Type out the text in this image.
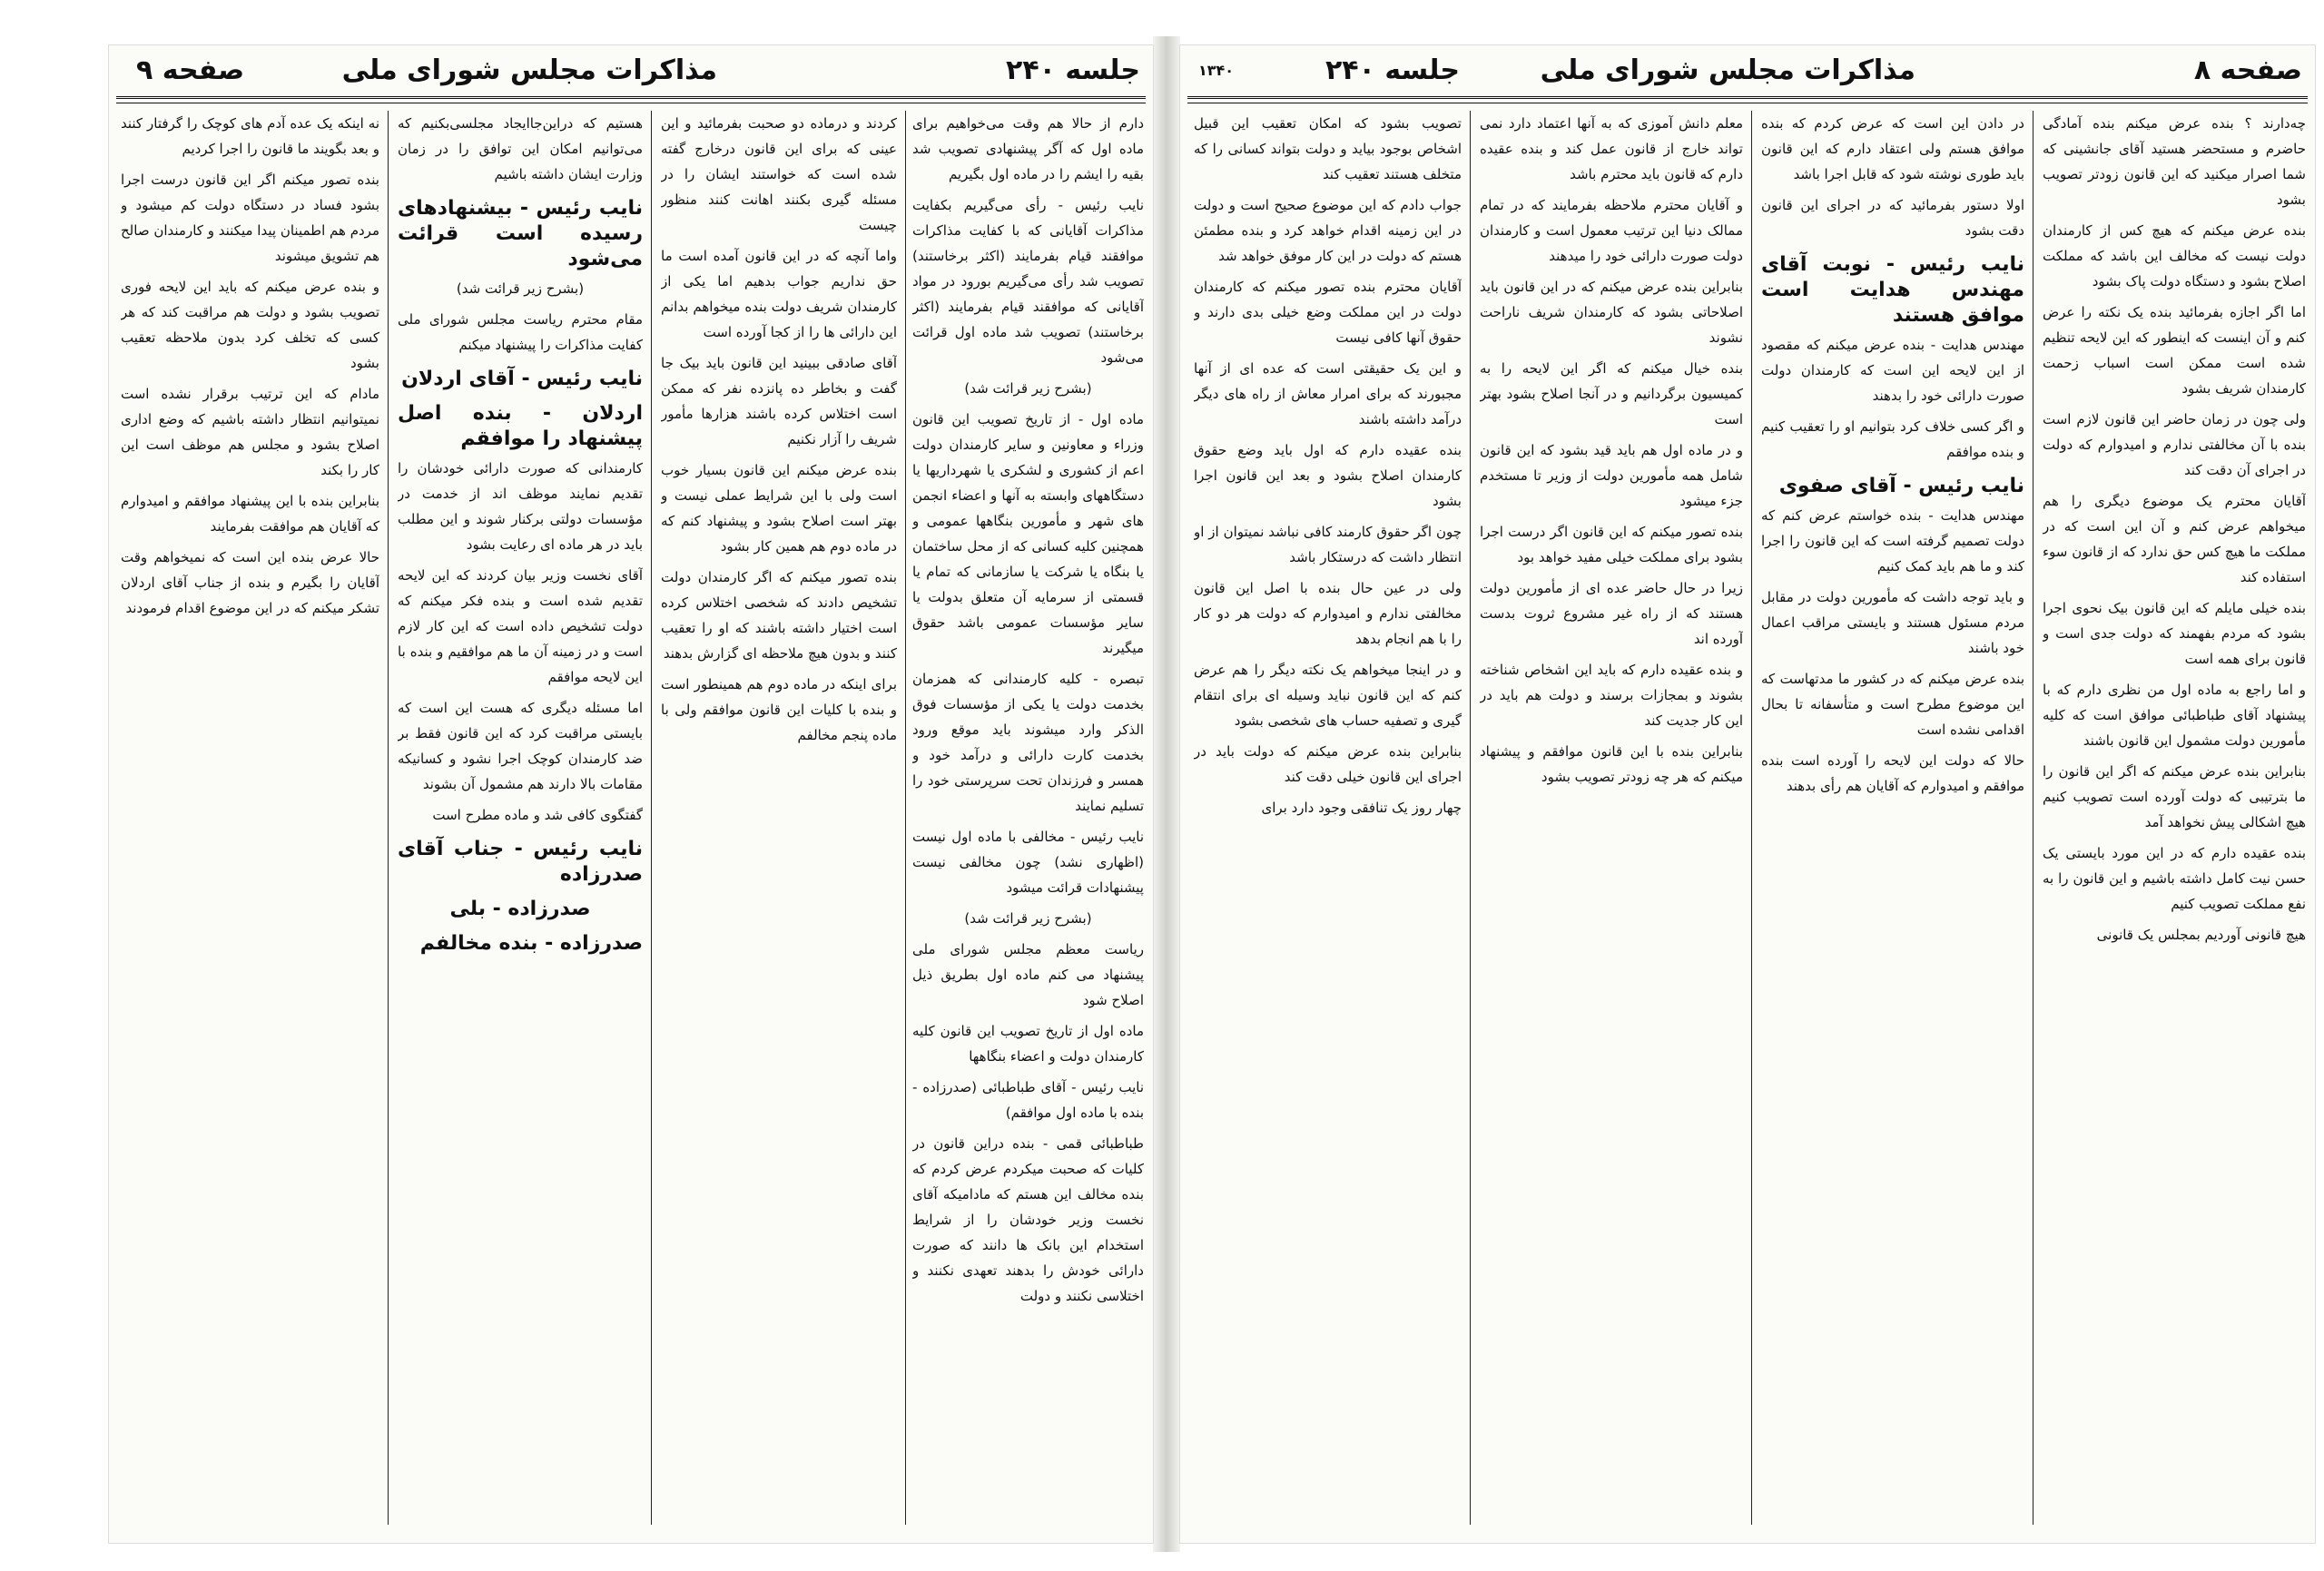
جلسه ۲۴۰
مذاکرات مجلس شورای ملی
صفحه ۹

دارم از حالا هم وقت می‌خواهیم برای ماده اول که آگر پیشنهادی تصویب شد بقیه را ایشم را در ماده اول بگیریم

نایب رئیس - رأی می‌گیریم بکفایت مذاکرات آقایانی که با کفایت مذاکرات موافقند قیام بفرمایند (اکثر برخاستند) تصویب شد رأی می‌گیریم بورود در مواد آقایانی که موافقند قیام بفرمایند (اکثر برخاستند) تصویب شد ماده اول قرائت می‌شود

(بشرح زیر قرائت شد)

ماده اول - از تاریخ تصویب این قانون وزراء و معاونین و سایر کارمندان دولت اعم از کشوری و لشکری یا شهرداریها یا دستگاههای وابسته به آنها و اعضاء انجمن های شهر و مأمورین بنگاهها عمومی و همچنین کلیه کسانی که از محل ساختمان یا بنگاه یا شرکت یا سازمانی که تمام یا قسمتی از سرمایه آن متعلق بدولت یا سایر مؤسسات عمومی باشد حقوق میگیرند

تبصره - کلیه کارمندانی که همزمان بخدمت دولت یا یکی از مؤسسات فوق الذکر وارد میشوند باید موقع ورود بخدمت کارت دارائی و درآمد خود و همسر و فرزندان تحت سرپرستی خود را تسلیم نمایند

نایب رئیس - مخالفی با ماده اول نیست (اظهاری نشد) چون مخالفی نیست پیشنهادات قرائت میشود

(بشرح زیر قرائت شد)

ریاست معظم مجلس شورای ملی پیشنهاد می کنم ماده اول بطریق ذیل اصلاح شود

ماده اول از تاریخ تصویب این قانون کلیه کارمندان دولت و اعضاء بنگاهها

نایب رئیس - آقای طباطبائی (صدرزاده - بنده با ماده اول موافقم)

طباطبائی قمی - بنده دراین قانون در کلیات که صحبت میکردم عرض کردم که بنده مخالف این هستم که مادامیکه آقای نخست وزیر خودشان را از شرایط استخدام این بانک ها دانند که صورت دارائی خودش را بدهند تعهدی نکنند و اختلاسی نکنند و دولت

کردند و درماده دو صحبت بفرمائید و این عینی که برای این قانون درخارج گفته شده است که خواستند ایشان را در مسئله گیری بکنند اهانت کنند منظور چیست

واما آنچه که در این قانون آمده است ما حق نداریم جواب بدهیم اما یکی از کارمندان شریف دولت بنده میخواهم بدانم این دارائی ها را از کجا آورده است

آقای صادقی ببینید این قانون باید بیک جا گفت و بخاطر ده پانزده نفر که ممکن است اختلاس کرده باشند هزارها مأمور شریف را آزار نکنیم

بنده عرض میکنم این قانون بسیار خوب است ولی با این شرایط عملی نیست و بهتر است اصلاح بشود و پیشنهاد کنم که در ماده دوم هم همین کار بشود

بنده تصور میکنم که اگر کارمندان دولت تشخیص دادند که شخصی اختلاس کرده است اختیار داشته باشند که او را تعقیب کنند و بدون هیچ ملاحظه ای گزارش بدهند

برای اینکه در ماده دوم هم همینطور است و بنده با کلیات این قانون موافقم ولی با ماده پنجم مخالفم

هستیم که دراین‌جا‌ایجاد مجلسی‌بکنیم که می‌توانیم امکان این توافق را در زمان وزارت ایشان داشته باشیم

نایب رئیس - بیشنهادهای رسیده است قرائت می‌شود

(بشرح زیر قرائت شد)

مقام محترم ریاست مجلس شورای ملی کفایت مذاکرات را پیشنهاد میکنم

نایب رئیس - آقای اردلان
اردلان - بنده اصل پیشنهاد را موافقم

کارمندانی که صورت دارائی خودشان را تقدیم نمایند موظف اند از خدمت در مؤسسات دولتی برکنار شوند و این مطلب باید در هر ماده ای رعایت بشود

آقای نخست وزیر بیان کردند که این لایحه تقدیم شده است و بنده فکر میکنم که دولت تشخیص داده است که این کار لازم است و در زمینه آن ما هم موافقیم و بنده با این لایحه موافقم

اما مسئله دیگری که هست این است که بایستی مراقبت کرد که این قانون فقط بر ضد کارمندان کوچک اجرا نشود و کسانیکه مقامات بالا دارند هم مشمول آن بشوند

گفتگوی کافی شد و ماده مطرح است

نایب رئیس - جناب آقای صدرزاده
صدرزاده - بلی
صدرزاده - بنده مخالفم

نه اینکه یک عده آدم های کوچک را گرفتار کنند و بعد بگویند ما قانون را اجرا کردیم

بنده تصور میکنم اگر این قانون درست اجرا بشود فساد در دستگاه دولت کم میشود و مردم هم اطمینان پیدا میکنند و کارمندان صالح هم تشویق میشوند

و بنده عرض میکنم که باید این لایحه فوری تصویب بشود و دولت هم مراقبت کند که هر کسی که تخلف کرد بدون ملاحظه تعقیب بشود

مادام که این ترتیب برقرار نشده است نمیتوانیم انتظار داشته باشیم که وضع اداری اصلاح بشود و مجلس هم موظف است این کار را بکند

بنابراین بنده با این پیشنهاد موافقم و امیدوارم که آقایان هم موافقت بفرمایند

حالا عرض بنده این است که نمیخواهم وقت آقایان را بگیرم و بنده از جناب آقای اردلان تشکر میکنم که در این موضوع اقدام فرمودند

صفحه ۸
مذاکرات مجلس شورای ملی
جلسه ۲۴۰
۱۳۴۰

چه‌دارند ؟ بنده عرض میکنم بنده آمادگی حاضرم و مستحضر هستید آقای جانشینی که شما اصرار میکنید که این قانون زودتر تصویب بشود

بنده عرض میکنم که هیچ کس از کارمندان دولت نیست که مخالف این باشد که مملکت اصلاح بشود و دستگاه دولت پاک بشود

اما اگر اجازه بفرمائید بنده یک نکته را عرض کنم و آن اینست که اینطور که این لایحه تنظیم شده است ممکن است اسباب زحمت کارمندان شریف بشود

ولی چون در زمان حاضر این قانون لازم است بنده با آن مخالفتی ندارم و امیدوارم که دولت در اجرای آن دقت کند

آقایان محترم یک موضوع دیگری را هم میخواهم عرض کنم و آن این است که در مملکت ما هیچ کس حق ندارد که از قانون سوء استفاده کند

بنده خیلی مایلم که این قانون بیک نحوی اجرا بشود که مردم بفهمند که دولت جدی است و قانون برای همه است

و اما راجع به ماده اول من نظری دارم که با پیشنهاد آقای طباطبائی موافق است که کلیه مأمورین دولت مشمول این قانون باشند

بنابراین بنده عرض میکنم که اگر این قانون را ما بترتیبی که دولت آورده است تصویب کنیم هیچ اشکالی پیش نخواهد آمد

بنده عقیده دارم که در این مورد بایستی یک حسن نیت کامل داشته باشیم و این قانون را به نفع مملکت تصویب کنیم

هیچ قانونی آوردیم بمجلس یک قانونی

در دادن این است که عرض کردم که بنده موافق هستم ولی اعتقاد دارم که این قانون باید طوری نوشته شود که قابل اجرا باشد

اولا دستور بفرمائید که در اجرای این قانون دقت بشود

نایب رئیس - نوبت آقای مهندس هدایت است موافق هستند

مهندس هدایت - بنده عرض میکنم که مقصود از این لایحه این است که کارمندان دولت صورت دارائی خود را بدهند

و اگر کسی خلاف کرد بتوانیم او را تعقیب کنیم و بنده موافقم

نایب رئیس - آقای صفوی

مهندس هدایت - بنده خواستم عرض کنم که دولت تصمیم گرفته است که این قانون را اجرا کند و ما هم باید کمک کنیم

و باید توجه داشت که مأمورین دولت در مقابل مردم مسئول هستند و بایستی مراقب اعمال خود باشند

بنده عرض میکنم که در کشور ما مدتهاست که این موضوع مطرح است و متأسفانه تا بحال اقدامی نشده است

حالا که دولت این لایحه را آورده است بنده موافقم و امیدوارم که آقایان هم رأی بدهند

معلم دانش آموزی که به آنها اعتماد دارد نمی تواند خارج از قانون عمل کند و بنده عقیده دارم که قانون باید محترم باشد

و آقایان محترم ملاحظه بفرمایند که در تمام ممالک دنیا این ترتیب معمول است و کارمندان دولت صورت دارائی خود را میدهند

بنابراین بنده عرض میکنم که در این قانون باید اصلاحاتی بشود که کارمندان شریف ناراحت نشوند

بنده خیال میکنم که اگر این لایحه را به کمیسیون برگردانیم و در آنجا اصلاح بشود بهتر است

و در ماده اول هم باید قید بشود که این قانون شامل همه مأمورین دولت از وزیر تا مستخدم جزء میشود

بنده تصور میکنم که این قانون اگر درست اجرا بشود برای مملکت خیلی مفید خواهد بود

زیرا در حال حاضر عده ای از مأمورین دولت هستند که از راه غیر مشروع ثروت بدست آورده اند

و بنده عقیده دارم که باید این اشخاص شناخته بشوند و بمجازات برسند و دولت هم باید در این کار جدیت کند

بنابراین بنده با این قانون موافقم و پیشنهاد میکنم که هر چه زودتر تصویب بشود

تصویب بشود که امکان تعقیب این قبیل اشخاص بوجود بیاید و دولت بتواند کسانی را که متخلف هستند تعقیب کند

جواب دادم که این موضوع صحیح است و دولت در این زمینه اقدام خواهد کرد و بنده مطمئن هستم که دولت در این کار موفق خواهد شد

آقایان محترم بنده تصور میکنم که کارمندان دولت در این مملکت وضع خیلی بدی دارند و حقوق آنها کافی نیست

و این یک حقیقتی است که عده ای از آنها مجبورند که برای امرار معاش از راه های دیگر درآمد داشته باشند

بنده عقیده دارم که اول باید وضع حقوق کارمندان اصلاح بشود و بعد این قانون اجرا بشود

چون اگر حقوق کارمند کافی نباشد نمیتوان از او انتظار داشت که درستکار باشد

ولی در عین حال بنده با اصل این قانون مخالفتی ندارم و امیدوارم که دولت هر دو کار را با هم انجام بدهد

و در اینجا میخواهم یک نکته دیگر را هم عرض کنم که این قانون نباید وسیله ای برای انتقام گیری و تصفیه حساب های شخصی بشود

بنابراین بنده عرض میکنم که دولت باید در اجرای این قانون خیلی دقت کند

چهار روز یک تنافقی وجود دارد برای
